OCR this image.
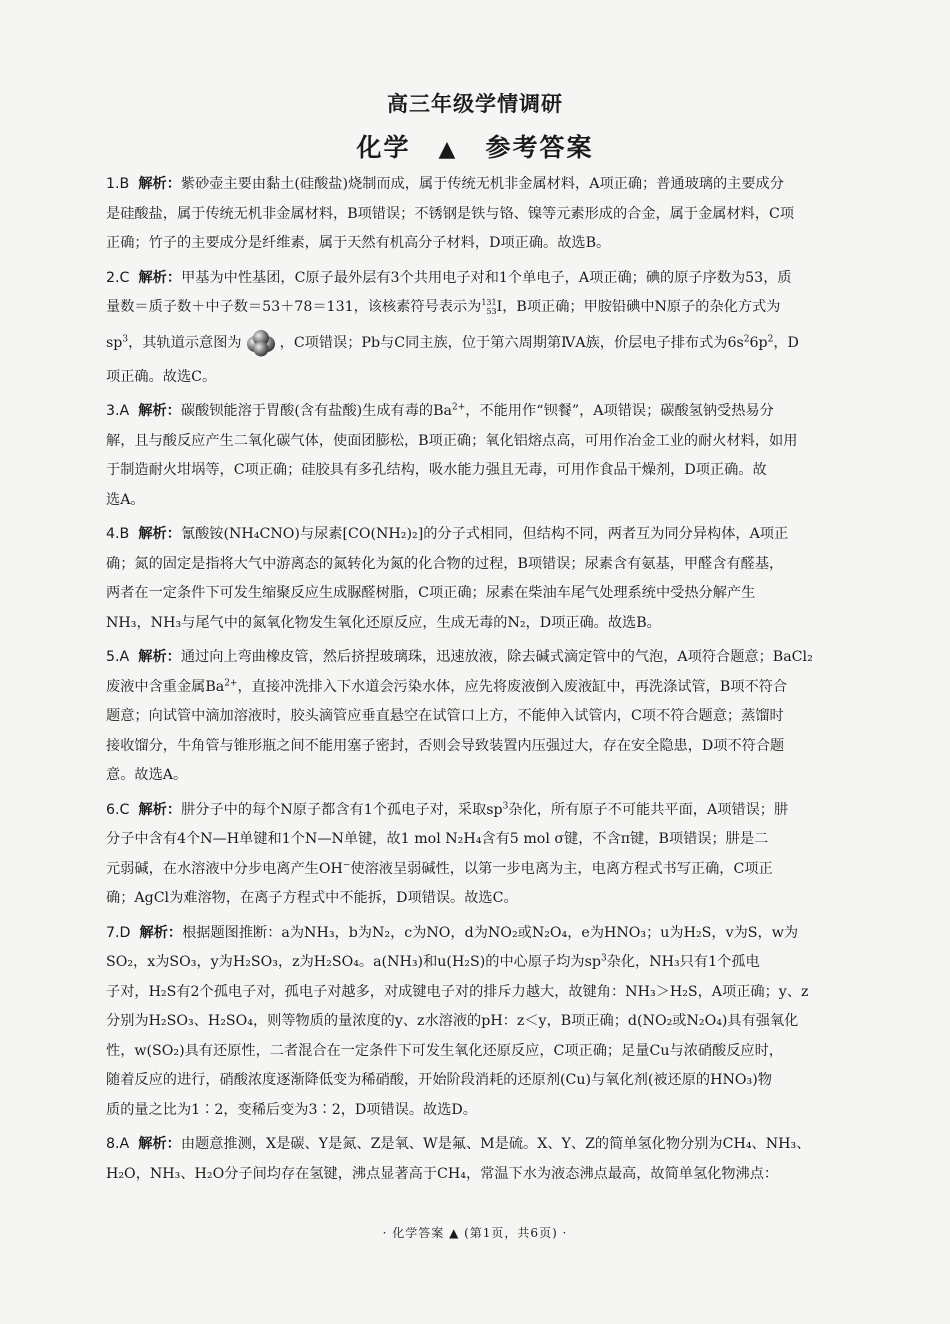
高三年级学情调研
化学 ▲ 参考答案

1.B 解析：紫砂壶主要由黏土(硅酸盐)烧制而成，属于传统无机非金属材料，A项正确；普通玻璃的主要成分

是硅酸盐，属于传统无机非金属材料，B项错误；不锈钢是铁与铬、镍等元素形成的合金，属于金属材料，C项

正确；竹子的主要成分是纤维素，属于天然有机高分子材料，D项正确。故选B。

2.C 解析：甲基为中性基团，C原子最外层有3个共用电子对和1个单电子，A项正确；碘的原子序数为53，质

量数＝质子数＋中子数＝53＋78＝131，该核素符号表示为131
53I，B项正确；甲胺铅碘中N原子的杂化方式为

$sp^3$，其轨道示意图为	，C项错误；Pb与C同主族，位于第六周期第ⅣA族，价层电子排布式为$6s^26p^2$，D

项正确。故选C。

3.A 解析：碳酸钡能溶于胃酸(含有盐酸)生成有毒的$Ba^{2+}$，不能用作“钡餐”，A项错误；碳酸氢钠受热易分

解，且与酸反应产生二氧化碳气体，使面团膨松，B项正确；氧化铝熔点高，可用作冶金工业的耐火材料，如用

于制造耐火坩埚等，C项正确；硅胶具有多孔结构，吸水能力强且无毒，可用作食品干燥剂，D项正确。故

选A。

4.B 解析：氰酸铵(NH₄CNO)与尿素[CO(NH₂)₂]的分子式相同，但结构不同，两者互为同分异构体，A项正

确；氮的固定是指将大气中游离态的氮转化为氮的化合物的过程，B项错误；尿素含有氨基，甲醛含有醛基，

两者在一定条件下可发生缩聚反应生成脲醛树脂，C项正确；尿素在柴油车尾气处理系统中受热分解产生

NH₃，NH₃与尾气中的氮氧化物发生氧化还原反应，生成无毒的N₂，D项正确。故选B。

5.A 解析：通过向上弯曲橡皮管，然后挤捏玻璃珠，迅速放液，除去碱式滴定管中的气泡，A项符合题意；BaCl₂

废液中含重金属$Ba^{2+}$，直接冲洗排入下水道会污染水体，应先将废液倒入废液缸中，再洗涤试管，B项不符合

题意；向试管中滴加溶液时，胶头滴管应垂直悬空在试管口上方，不能伸入试管内，C项不符合题意；蒸馏时

接收馏分，牛角管与锥形瓶之间不能用塞子密封，否则会导致装置内压强过大，存在安全隐患，D项不符合题

意。故选A。

6.C 解析：肼分子中的每个N原子都含有1个孤电子对，采取$sp^3$杂化，所有原子不可能共平面，A项错误；肼

分子中含有4个N—H单键和1个N—N单键，故1 mol N₂H₄含有5 mol σ键，不含π键，B项错误；肼是二

元弱碱，在水溶液中分步电离产生OH−使溶液呈弱碱性，以第一步电离为主，电离方程式书写正确，C项正

确；AgCl为难溶物，在离子方程式中不能拆，D项错误。故选C。

7.D 解析：根据题图推断：a为NH₃，b为N₂，c为NO，d为NO₂或N₂O₄，e为HNO₃；u为H₂S，v为S，w为

SO₂，x为SO₃，y为H₂SO₃，z为H₂SO₄。a(NH₃)和u(H₂S)的中心原子均为$sp^3$杂化，NH₃只有1个孤电

子对，H₂S有2个孤电子对，孤电子对越多，对成键电子对的排斥力越大，故键角：NH₃＞H₂S，A项正确；y、z

分别为H₂SO₃、H₂SO₄，则等物质的量浓度的y、z水溶液的pH：z＜y，B项正确；d(NO₂或N₂O₄)具有强氧化

性，w(SO₂)具有还原性，二者混合在一定条件下可发生氧化还原反应，C项正确；足量Cu与浓硝酸反应时，

随着反应的进行，硝酸浓度逐渐降低变为稀硝酸，开始阶段消耗的还原剂(Cu)与氧化剂(被还原的HNO₃)物

质的量之比为1∶2，变稀后变为3∶2，D项错误。故选D。

8.A 解析：由题意推测，X是碳、Y是氮、Z是氧、W是氟、M是硫。X、Y、Z的简单氢化物分别为CH₄、NH₃、

H₂O，NH₃、H₂O分子间均存在氢键，沸点显著高于CH₄，常温下水为液态沸点最高，故简单氢化物沸点：

· 化学答案 ▲ (第1页，共6页) ·
